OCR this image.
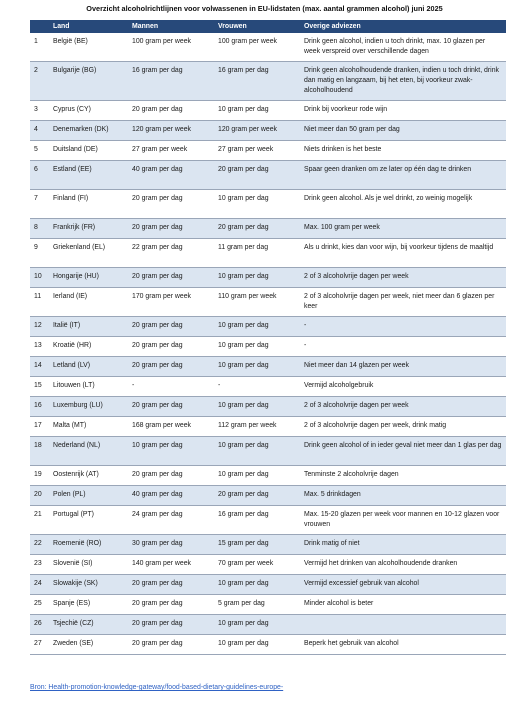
Overzicht alcoholrichtlijnen voor volwassenen in EU-lidstaten (max. aantal grammen alcohol) juni 2025
	Land	Mannen	Vrouwen	Overige adviezen
1	België (BE)	100 gram per week	100 gram per week	Drink geen alcohol, indien u toch drinkt, max. 10 glazen per week verspreid over verschillende dagen
2	Bulgarije (BG)	16 gram per dag	16 gram per dag	Drink geen alcoholhoudende dranken, indien u toch drinkt, drink dan matig en langzaam, bij het eten, bij voorkeur zwak-alcoholhoudend
3	Cyprus (CY)	20 gram per dag	10 gram per dag	Drink bij voorkeur rode wijn
4	Denemarken (DK)	120 gram per week	120 gram per week	Niet meer dan 50 gram per dag
5	Duitsland (DE)	27 gram per week	27 gram per week	Niets drinken is het beste
6	Estland (EE)	40 gram per dag	20 gram per dag	Spaar geen dranken om ze later op één dag te drinken
7	Finland (FI)	20 gram per dag	10 gram per dag	Drink geen alcohol. Als je wel drinkt, zo weinig mogelijk
8	Frankrijk (FR)	20 gram per dag	20 gram per dag	Max. 100 gram per week
9	Griekenland (EL)	22 gram per dag	11 gram per dag	Als u drinkt, kies dan voor wijn, bij voorkeur tijdens de maaltijd
10	Hongarije (HU)	20 gram per dag	10 gram per dag	2 of 3 alcoholvrije dagen per week
11	Ierland (IE)	170 gram per week	110 gram per week	2 of 3 alcoholvrije dagen per week, niet meer dan 6 glazen per keer
12	Italië (IT)	20 gram per dag	10 gram per dag	-
13	Kroatië (HR)	20 gram per dag	10 gram per dag	-
14	Letland (LV)	20 gram per dag	10 gram per dag	Niet meer dan 14 glazen per week
15	Litouwen (LT)	-	-	Vermijd alcoholgebruik
16	Luxemburg (LU)	20 gram per dag	10 gram per dag	2 of 3 alcoholvrije dagen per week
17	Malta (MT)	168 gram per week	112 gram per week	2 of 3 alcoholvrije dagen per week, drink matig
18	Nederland (NL)	10 gram per dag	10 gram per dag	Drink geen alcohol of in ieder geval niet meer dan 1 glas per dag
19	Oostenrijk (AT)	20 gram per dag	10 gram per dag	Tenminste 2 alcoholvrije dagen
20	Polen (PL)	40 gram per dag	20 gram per dag	Max. 5 drinkdagen
21	Portugal (PT)	24 gram per dag	16 gram per dag	Max. 15-20 glazen per week voor mannen en 10-12 glazen voor vrouwen
22	Roemenië (RO)	30 gram per dag	15 gram per dag	Drink matig of niet
23	Slovenië (SI)	140 gram per week	70 gram per week	Vermijd het drinken van alcoholhoudende dranken
24	Slowakije (SK)	20 gram per dag	10 gram per dag	Vermijd excessief gebruik van alcohol
25	Spanje (ES)	20 gram per dag	5 gram per dag	Minder alcohol is beter
26	Tsjechië (CZ)	20 gram per dag	10 gram per dag	
27	Zweden (SE)	20 gram per dag	10 gram per dag	Beperk het gebruik van alcohol
Bron: Health-promotion-knowledge-gateway/food-based-dietary-guidelines-europe-
